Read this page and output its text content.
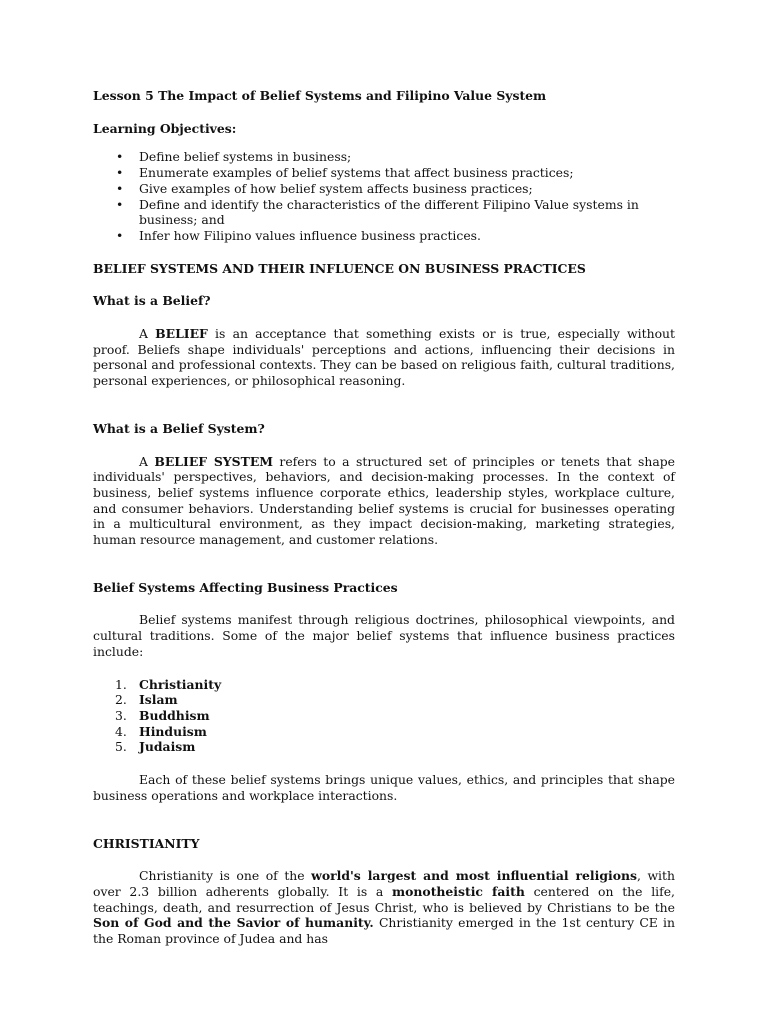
Lesson 5 The Impact of Belief Systems and Filipino Value System

Learning Objectives:

• Define belief systems in business;
• Enumerate examples of belief systems that affect business practices;
• Give examples of how belief system affects business practices;
• Define and identify the characteristics of the different Filipino Value systems in business; and
• Infer how Filipino values influence business practices.

BELIEF SYSTEMS AND THEIR INFLUENCE ON BUSINESS PRACTICES

What is a Belief?

A BELIEF is an acceptance that something exists or is true, especially without proof. Beliefs shape individuals' perceptions and actions, influencing their decisions in personal and professional contexts. They can be based on religious faith, cultural traditions, personal experiences, or philosophical reasoning.

What is a Belief System?

A BELIEF SYSTEM refers to a structured set of principles or tenets that shape individuals' perspectives, behaviors, and decision-making processes. In the context of business, belief systems influence corporate ethics, leadership styles, workplace culture, and consumer behaviors. Understanding belief systems is crucial for businesses operating in a multicultural environment, as they impact decision-making, marketing strategies, human resource management, and customer relations.

Belief Systems Affecting Business Practices

Belief systems manifest through religious doctrines, philosophical viewpoints, and cultural traditions. Some of the major belief systems that influence business practices include:

1. Christianity
2. Islam
3. Buddhism
4. Hinduism
5. Judaism

Each of these belief systems brings unique values, ethics, and principles that shape business operations and workplace interactions.

CHRISTIANITY

Christianity is one of the world's largest and most influential religions, with over 2.3 billion adherents globally. It is a monotheistic faith centered on the life, teachings, death, and resurrection of Jesus Christ, who is believed by Christians to be the Son of God and the Savior of humanity. Christianity emerged in the 1st century CE in the Roman province of Judea and has
